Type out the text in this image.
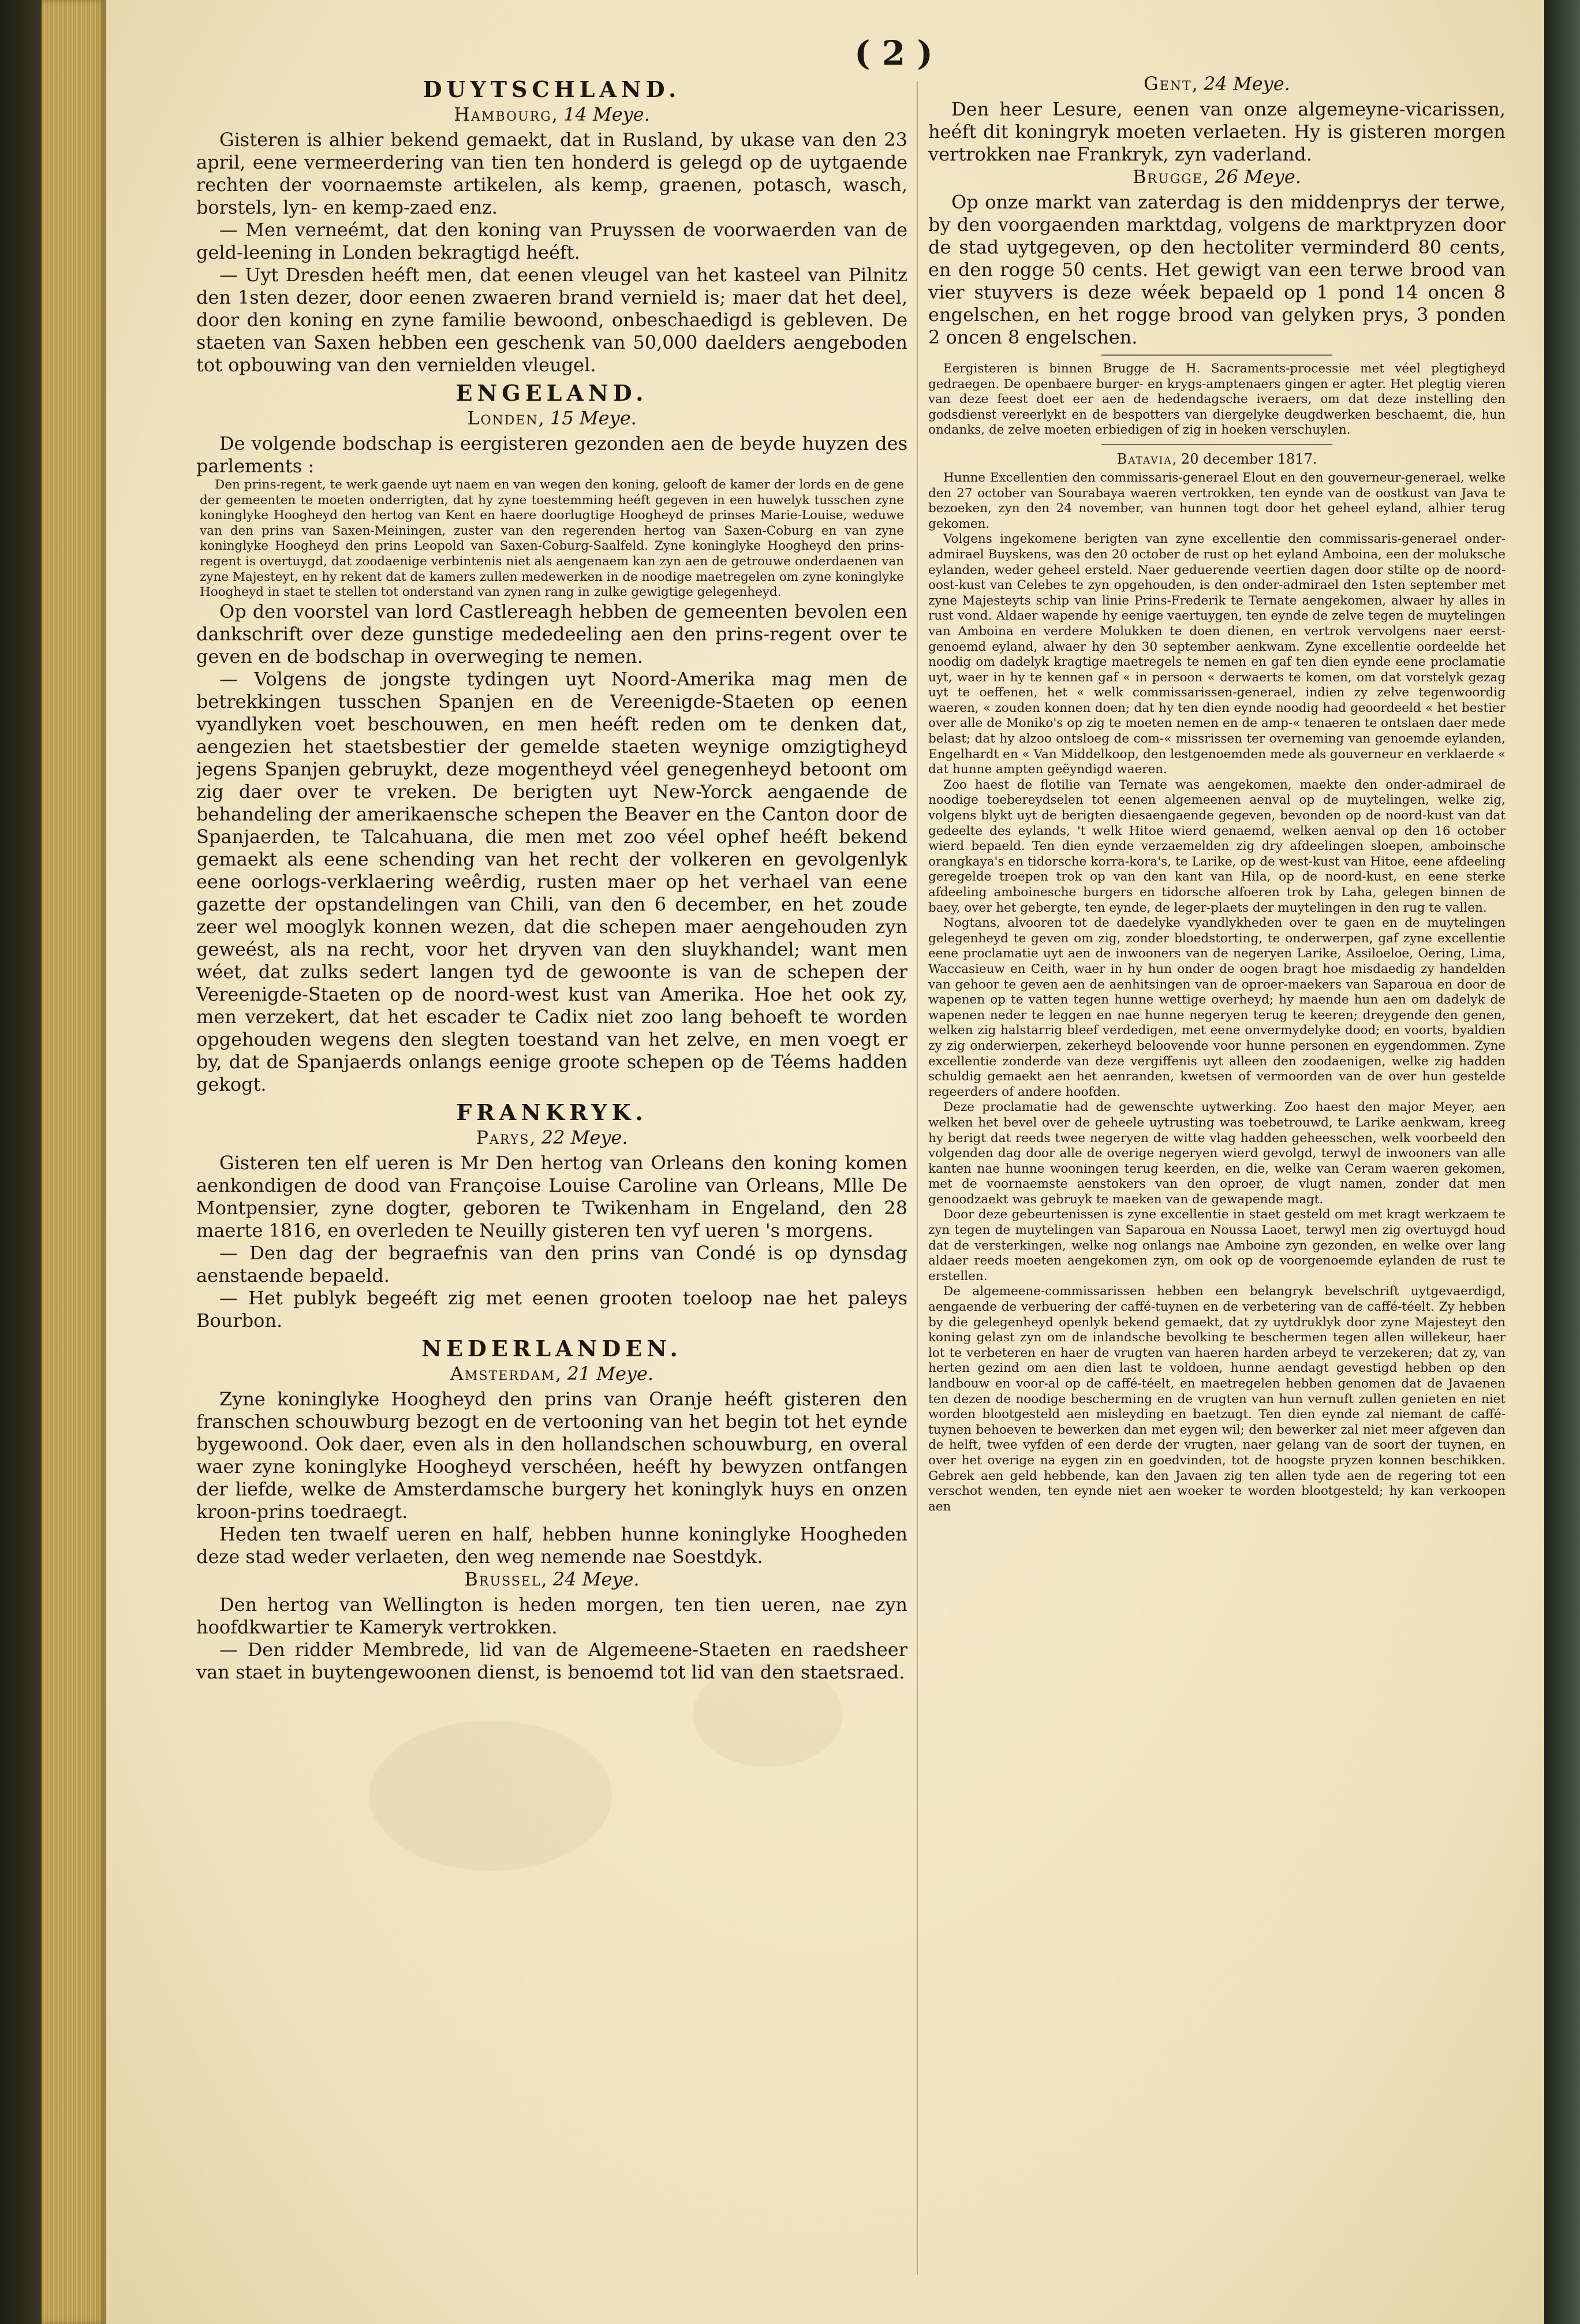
( 2 )
DUYTSCHLAND.
Hambourg, 14 Meye.

Gisteren is alhier bekend gemaekt, dat in Rusland, by ukase van den 23 april, eene vermeerdering van tien ten honderd is gelegd op de uytgaende rechten der voornaemste artikelen, als kemp, graenen, potasch, wasch, borstels, lyn- en kemp-zaed enz.

— Men verneémt, dat den koning van Pruyssen de voorwaerden van de geld-leening in Londen bekragtigd heéft.

— Uyt Dresden heéft men, dat eenen vleugel van het kasteel van Pilnitz den 1sten dezer, door eenen zwaeren brand vernield is; maer dat het deel, door den koning en zyne familie bewoond, onbeschaedigd is gebleven. De staeten van Saxen hebben een geschenk van 50,000 daelders aengeboden tot opbouwing van den vernielden vleugel.

ENGELAND.
Londen, 15 Meye.

De volgende bodschap is eergisteren gezonden aen de beyde huyzen des parlements :

Den prins-regent, te werk gaende uyt naem en van wegen den koning, gelooft de kamer der lords en de gene der gemeenten te moeten onderrigten, dat hy zyne toestemming heéft gegeven in een huwelyk tusschen zyne koninglyke Hoogheyd den hertog van Kent en haere doorlugtige Hoogheyd de prinses Marie-Louise, weduwe van den prins van Saxen-Meiningen, zuster van den regerenden hertog van Saxen-Coburg en van zyne koninglyke Hoogheyd den prins Leopold van Saxen-Coburg-Saalfeld. Zyne koninglyke Hoogheyd den prins-regent is overtuygd, dat zoodaenige verbintenis niet als aengenaem kan zyn aen de getrouwe onderdaenen van zyne Majesteyt, en hy rekent dat de kamers zullen medewerken in de noodige maetregelen om zyne koninglyke Hoogheyd in staet te stellen tot onderstand van zynen rang in zulke gewigtige gelegenheyd.

Op den voorstel van lord Castlereagh hebben de gemeenten bevolen een dankschrift over deze gunstige mededeeling aen den prins-regent over te geven en de bodschap in overweging te nemen.

— Volgens de jongste tydingen uyt Noord-Amerika mag men de betrekkingen tusschen Spanjen en de Vereenigde-Staeten op eenen vyandlyken voet beschouwen, en men heéft reden om te denken dat, aengezien het staetsbestier der gemelde staeten weynige omzigtigheyd jegens Spanjen gebruykt, deze mogentheyd véel genegenheyd betoont om zig daer over te vreken. De berigten uyt New-Yorck aengaende de behandeling der amerikaensche schepen the Beaver en the Canton door de Spanjaerden, te Talcahuana, die men met zoo véel ophef heéft bekend gemaekt als eene schending van het recht der volkeren en gevolgenlyk eene oorlogs-verklaering weêrdig, rusten maer op het verhael van eene gazette der opstandelingen van Chili, van den 6 december, en het zoude zeer wel mooglyk konnen wezen, dat die schepen maer aengehouden zyn geweést, als na recht, voor het dryven van den sluykhandel; want men wéet, dat zulks sedert langen tyd de gewoonte is van de schepen der Vereenigde-Staeten op de noord-west kust van Amerika. Hoe het ook zy, men verzekert, dat het escader te Cadix niet zoo lang behoeft te worden opgehouden wegens den slegten toestand van het zelve, en men voegt er by, dat de Spanjaerds onlangs eenige groote schepen op de Téems hadden gekogt.

FRANKRYK.
Parys, 22 Meye.

Gisteren ten elf ueren is Mr Den hertog van Orleans den koning komen aenkondigen de dood van Françoise Louise Caroline van Orleans, Mlle De Montpensier, zyne dogter, geboren te Twikenham in Engeland, den 28 maerte 1816, en overleden te Neuilly gisteren ten vyf ueren 's morgens.

— Den dag der begraefnis van den prins van Condé is op dynsdag aenstaende bepaeld.

— Het publyk begeéft zig met eenen grooten toeloop nae het paleys Bourbon.

NEDERLANDEN.
Amsterdam, 21 Meye.

Zyne koninglyke Hoogheyd den prins van Oranje heéft gisteren den franschen schouwburg bezogt en de vertooning van het begin tot het eynde bygewoond. Ook daer, even als in den hollandschen schouwburg, en overal waer zyne koninglyke Hoogheyd verschéen, heéft hy bewyzen ontfangen der liefde, welke de Amsterdamsche burgery het koninglyk huys en onzen kroon-prins toedraegt.

Heden ten twaelf ueren en half, hebben hunne koninglyke Hoogheden deze stad weder verlaeten, den weg nemende nae Soestdyk.

Brussel, 24 Meye.

Den hertog van Wellington is heden morgen, ten tien ueren, nae zyn hoofdkwartier te Kameryk vertrokken.

— Den ridder Membrede, lid van de Algemeene-Staeten en raedsheer van staet in buytengewoonen dienst, is benoemd tot lid van den staetsraed.

Gent, 24 Meye.

Den heer Lesure, eenen van onze algemeyne-vicarissen, heéft dit koningryk moeten verlaeten. Hy is gisteren morgen vertrokken nae Frankryk, zyn vaderland.

Brugge, 26 Meye.

Op onze markt van zaterdag is den middenprys der terwe, by den voorgaenden marktdag, volgens de marktpryzen door de stad uytgegeven, op den hectoliter verminderd 80 cents, en den rogge 50 cents. Het gewigt van een terwe brood van vier stuyvers is deze wéek bepaeld op 1 pond 14 oncen 8 engelschen, en het rogge brood van gelyken prys, 3 ponden 2 oncen 8 engelschen.

Eergisteren is binnen Brugge de H. Sacraments-processie met véel plegtigheyd gedraegen. De openbaere burger- en krygs-amptenaers gingen er agter. Het plegtig vieren van deze feest doet eer aen de hedendagsche iveraers, om dat deze instelling den godsdienst vereerlykt en de bespotters van diergelyke deugdwerken beschaemt, die, hun ondanks, de zelve moeten erbiedigen of zig in hoeken verschuylen.

Batavia, 20 december 1817.

Hunne Excellentien den commissaris-generael Elout en den gouverneur-generael, welke den 27 october van Sourabaya waeren vertrokken, ten eynde van de oostkust van Java te bezoeken, zyn den 24 november, van hunnen togt door het geheel eyland, alhier terug gekomen.

Volgens ingekomene berigten van zyne excellentie den commissaris-generael onder-admirael Buyskens, was den 20 october de rust op het eyland Amboina, een der moluksche eylanden, weder geheel ersteld. Naer geduerende veertien dagen door stilte op de noord-oost-kust van Celebes te zyn opgehouden, is den onder-admirael den 1sten september met zyne Majesteyts schip van linie Prins-Frederik te Ternate aengekomen, alwaer hy alles in rust vond. Aldaer wapende hy eenige vaertuygen, ten eynde de zelve tegen de muytelingen van Amboina en verdere Molukken te doen dienen, en vertrok vervolgens naer eerst-genoemd eyland, alwaer hy den 30 september aenkwam. Zyne excellentie oordeelde het noodig om dadelyk kragtige maetregels te nemen en gaf ten dien eynde eene proclamatie uyt, waer in hy te kennen gaf « in persoon « derwaerts te komen, om dat vorstelyk gezag uyt te oeffenen, het « welk commissarissen-generael, indien zy zelve tegenwoordig waeren, « zouden konnen doen; dat hy ten dien eynde noodig had geoordeeld « het bestier over alle de Moniko's op zig te moeten nemen en de amp-« tenaeren te ontslaen daer mede belast; dat hy alzoo ontsloeg de com-« missrissen ter overneming van genoemde eylanden, Engelhardt en « Van Middelkoop, den lestgenoemden mede als gouverneur en verklaerde « dat hunne ampten geëyndigd waeren.

Zoo haest de flotilie van Ternate was aengekomen, maekte den onder-admirael de noodige toebereydselen tot eenen algemeenen aenval op de muytelingen, welke zig, volgens blykt uyt de berigten diesaengaende gegeven, bevonden op de noord-kust van dat gedeelte des eylands, 't welk Hitoe wierd genaemd, welken aenval op den 16 october wierd bepaeld. Ten dien eynde verzaemelden zig dry afdeelingen sloepen, amboinsche orangkaya's en tidorsche korra-kora's, te Larike, op de west-kust van Hitoe, eene afdeeling geregelde troepen trok op van den kant van Hila, op de noord-kust, en eene sterke afdeeling amboinesche burgers en tidorsche alfoeren trok by Laha, gelegen binnen de baey, over het gebergte, ten eynde, de leger-plaets der muytelingen in den rug te vallen.

Nogtans, alvooren tot de daedelyke vyandlykheden over te gaen en de muytelingen gelegenheyd te geven om zig, zonder bloedstorting, te onderwerpen, gaf zyne excellentie eene proclamatie uyt aen de inwooners van de negeryen Larike, Assiloeloe, Oering, Lima, Waccasieuw en Ceith, waer in hy hun onder de oogen bragt hoe misdaedig zy handelden van gehoor te geven aen de aenhitsingen van de oproer-maekers van Saparoua en door de wapenen op te vatten tegen hunne wettige overheyd; hy maende hun aen om dadelyk de wapenen neder te leggen en nae hunne negeryen terug te keeren; dreygende den genen, welken zig halstarrig bleef verdedigen, met eene onvermydelyke dood; en voorts, byaldien zy zig onderwierpen, zekerheyd beloovende voor hunne personen en eygendommen. Zyne excellentie zonderde van deze vergiffenis uyt alleen den zoodaenigen, welke zig hadden schuldig gemaekt aen het aenranden, kwetsen of vermoorden van de over hun gestelde regeerders of andere hoofden.

Deze proclamatie had de gewenschte uytwerking. Zoo haest den major Meyer, aen welken het bevel over de geheele uytrusting was toebetrouwd, te Larike aenkwam, kreeg hy berigt dat reeds twee negeryen de witte vlag hadden geheesschen, welk voorbeeld den volgenden dag door alle de overige negeryen wierd gevolgd, terwyl de inwooners van alle kanten nae hunne wooningen terug keerden, en die, welke van Ceram waeren gekomen, met de voornaemste aenstokers van den oproer, de vlugt namen, zonder dat men genoodzaekt was gebruyk te maeken van de gewapende magt.

Door deze gebeurtenissen is zyne excellentie in staet gesteld om met kragt werkzaem te zyn tegen de muytelingen van Saparoua en Noussa Laoet, terwyl men zig overtuygd houd dat de versterkingen, welke nog onlangs nae Amboine zyn gezonden, en welke over lang aldaer reeds moeten aengekomen zyn, om ook op de voorgenoemde eylanden de rust te erstellen.

De algemeene-commissarissen hebben een belangryk bevelschrift uytgevaerdigd, aengaende de verbuering der caffé-tuynen en de verbetering van de caffé-téelt. Zy hebben by die gelegenheyd openlyk bekend gemaekt, dat zy uytdruklyk door zyne Majesteyt den koning gelast zyn om de inlandsche bevolking te beschermen tegen allen willekeur, haer lot te verbeteren en haer de vrugten van haeren harden arbeyd te verzekeren; dat zy, van herten gezind om aen dien last te voldoen, hunne aendagt gevestigd hebben op den landbouw en voor-al op de caffé-téelt, en maetregelen hebben genomen dat de Javaenen ten dezen de noodige bescherming en de vrugten van hun vernuft zullen genieten en niet worden blootgesteld aen misleyding en baetzugt. Ten dien eynde zal niemant de caffé-tuynen behoeven te bewerken dan met eygen wil; den bewerker zal niet meer afgeven dan de helft, twee vyfden of een derde der vrugten, naer gelang van de soort der tuynen, en over het overige na eygen zin en goedvinden, tot de hoogste pryzen konnen beschikken. Gebrek aen geld hebbende, kan den Javaen zig ten allen tyde aen de regering tot een verschot wenden, ten eynde niet aen woeker te worden blootgesteld; hy kan verkoopen aen
